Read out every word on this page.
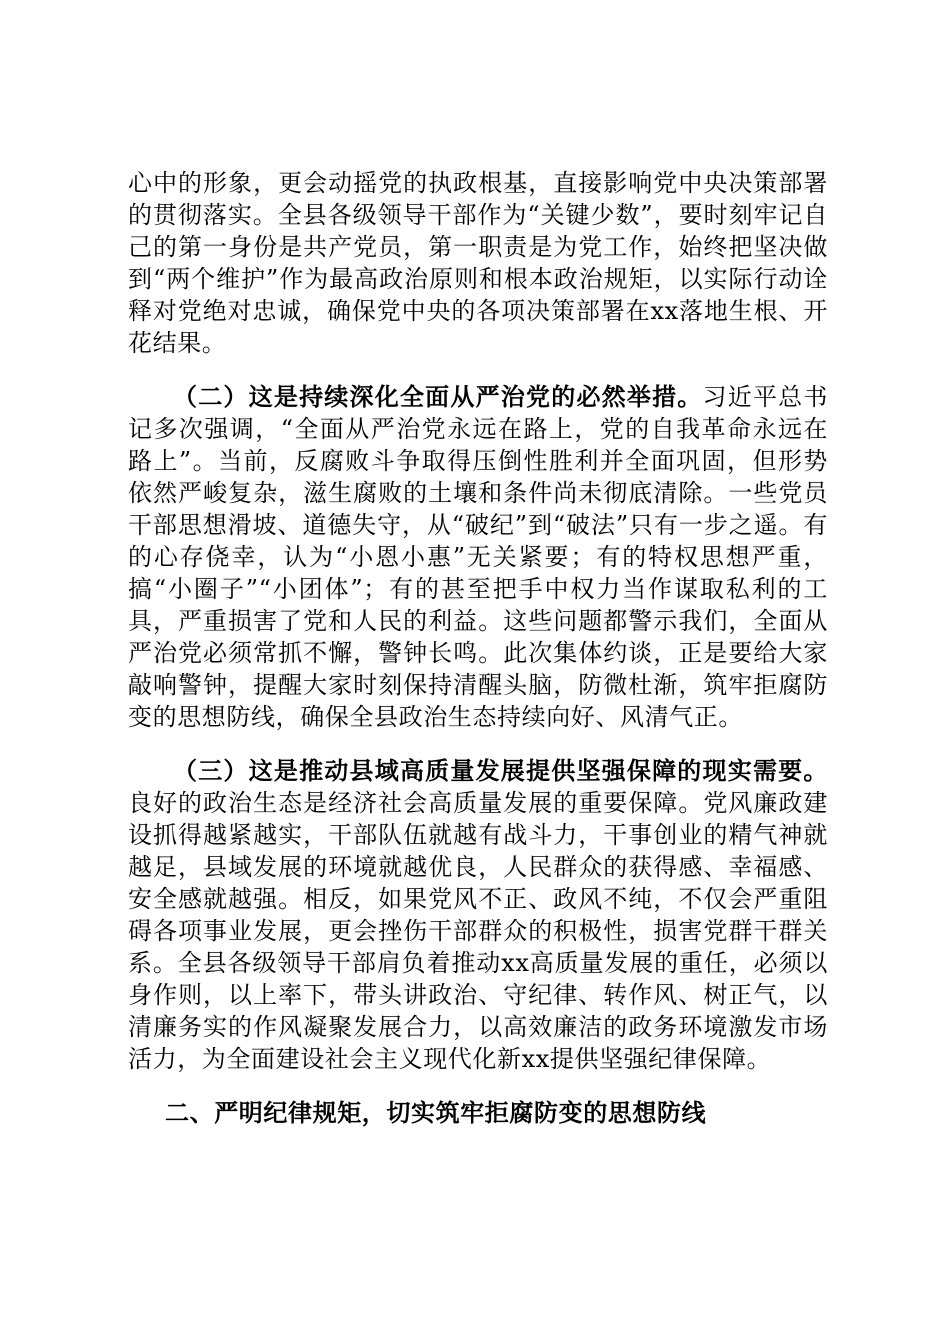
心中的形象，更会动摇党的执政根基，直接影响党中央决策部署的贯彻落实。全县各级领导干部作为“关键少数”，要时刻牢记自己的第一身份是共产党员，第一职责是为党工作，始终把坚决做到“两个维护”作为最高政治原则和根本政治规矩，以实际行动诠释对党绝对忠诚，确保党中央的各项决策部署在xx落地生根、开花结果。

（二）这是持续深化全面从严治党的必然举措。习近平总书记多次强调，“全面从严治党永远在路上，党的自我革命永远在路上”。当前，反腐败斗争取得压倒性胜利并全面巩固，但形势依然严峻复杂，滋生腐败的土壤和条件尚未彻底清除。一些党员干部思想滑坡、道德失守，从“破纪”到“破法”只有一步之遥。有的心存侥幸，认为“小恩小惠”无关紧要；有的特权思想严重，搞“小圈子”“小团体”；有的甚至把手中权力当作谋取私利的工具，严重损害了党和人民的利益。这些问题都警示我们，全面从严治党必须常抓不懈，警钟长鸣。此次集体约谈，正是要给大家敲响警钟，提醒大家时刻保持清醒头脑，防微杜渐，筑牢拒腐防变的思想防线，确保全县政治生态持续向好、风清气正。

（三）这是推动县域高质量发展提供坚强保障的现实需要。良好的政治生态是经济社会高质量发展的重要保障。党风廉政建设抓得越紧越实，干部队伍就越有战斗力，干事创业的精气神就越足，县域发展的环境就越优良，人民群众的获得感、幸福感、安全感就越强。相反，如果党风不正、政风不纯，不仅会严重阻碍各项事业发展，更会挫伤干部群众的积极性，损害党群干群关系。全县各级领导干部肩负着推动xx高质量发展的重任，必须以身作则，以上率下，带头讲政治、守纪律、转作风、树正气，以清廉务实的作风凝聚发展合力，以高效廉洁的政务环境激发市场活力，为全面建设社会主义现代化新xx提供坚强纪律保障。

二、严明纪律规矩，切实筑牢拒腐防变的思想防线
